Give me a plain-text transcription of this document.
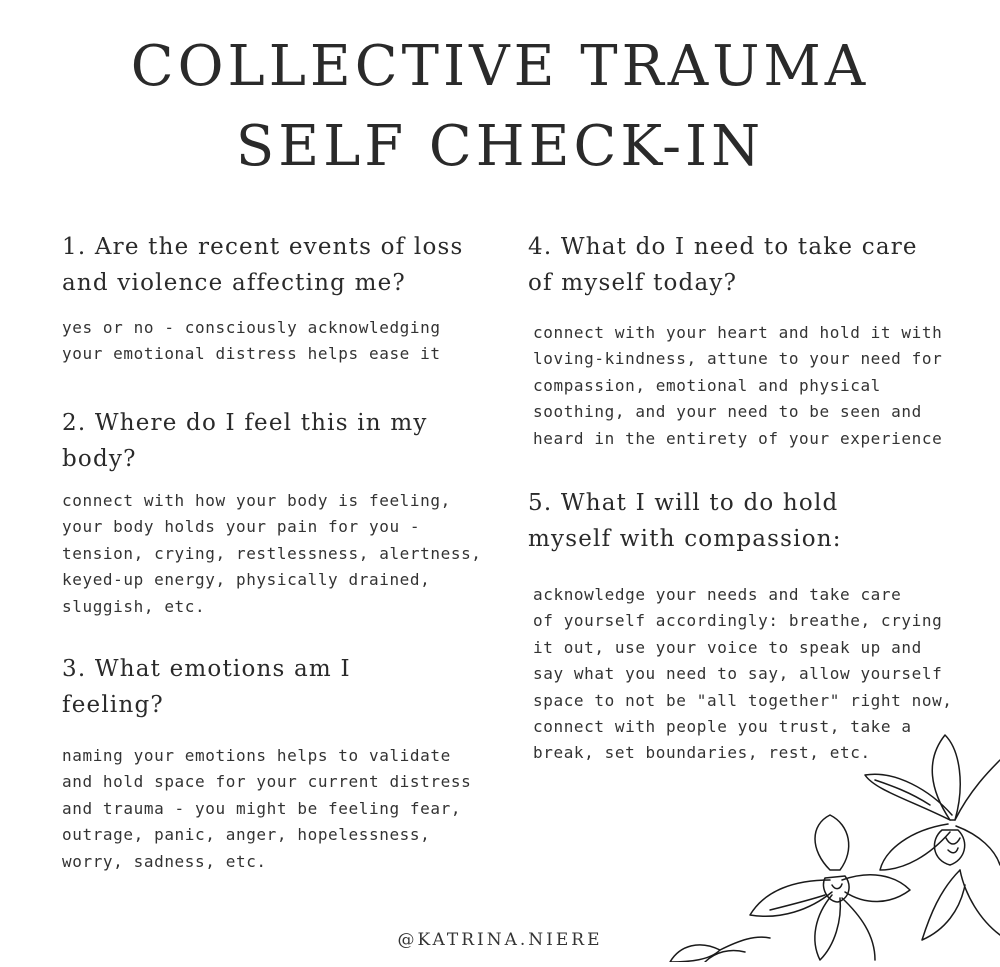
COLLECTIVE TRAUMA
SELF CHECK-IN
1. Are the recent events of loss
and violence affecting me?
yes or no - consciously acknowledging
your emotional distress helps ease it
2. Where do I feel this in my
body?
connect with how your body is feeling,
your body holds your pain for you -
tension, crying, restlessness, alertness,
keyed-up energy, physically drained,
sluggish, etc.
3. What emotions am I
feeling?
naming your emotions helps to validate
and hold space for your current distress
and trauma - you might be feeling fear,
outrage, panic, anger, hopelessness,
worry, sadness, etc.
4. What do I need to take care
of myself today?
connect with your heart and hold it with
loving-kindness, attune to your need for
compassion, emotional and physical
soothing, and your need to be seen and
heard in the entirety of your experience
5. What I will to do hold
myself with compassion:
acknowledge your needs and take care
of yourself accordingly: breathe, crying
it out, use your voice to speak up and
say what you need to say, allow yourself
space to not be "all together" right now,
connect with people you trust, take a
break, set boundaries, rest, etc.
@KATRINA.NIERE
